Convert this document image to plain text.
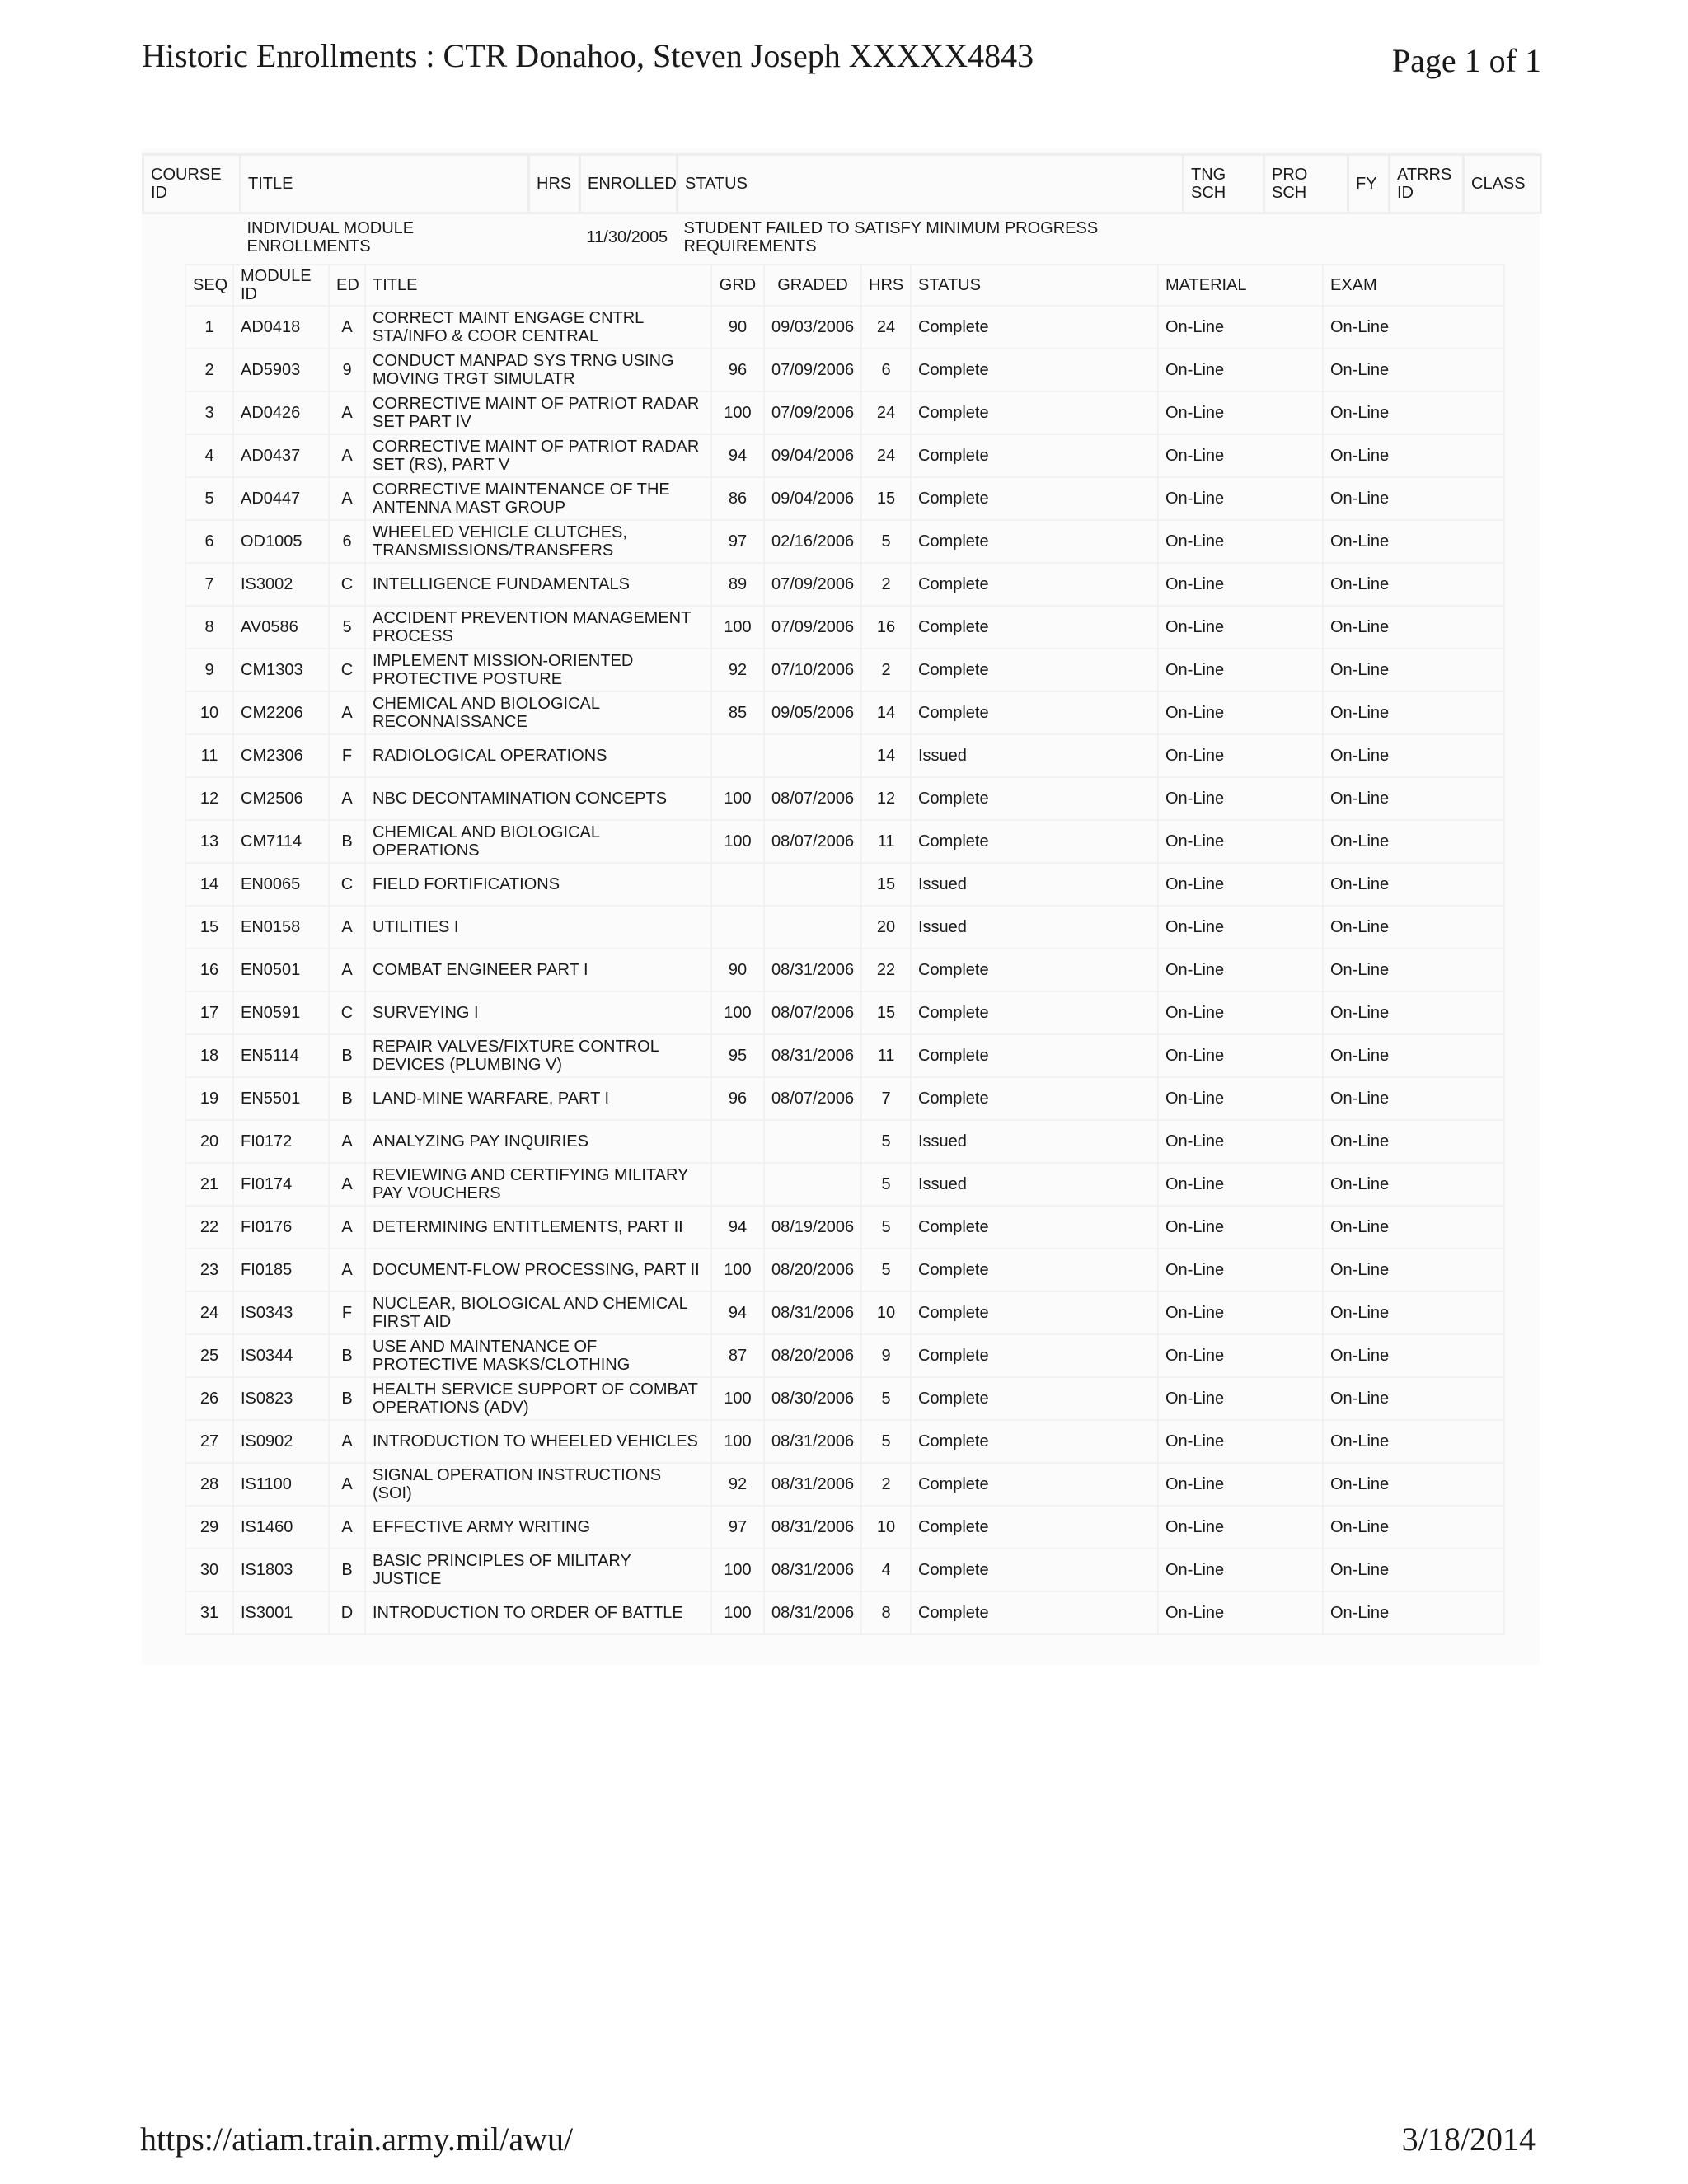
Historic Enrollments : CTR Donahoo, Steven Joseph XXXXX4843	Page 1 of 1
COURSE ID	TITLE	HRS	ENROLLED	STATUS	TNG SCH	PRO SCH	FY	ATRRS ID	CLASS
	INDIVIDUAL MODULE ENROLLMENTS		11/30/2005	STUDENT FAILED TO SATISFY MINIMUM PROGRESS REQUIREMENTS					
SEQ	MODULE ID	ED	TITLE	GRD	GRADED	HRS	STATUS	MATERIAL	EXAM
1	AD0418	A	CORRECT MAINT ENGAGE CNTRL STA/INFO & COOR CENTRAL	90	09/03/2006	24	Complete	On-Line	On-Line
2	AD5903	9	CONDUCT MANPAD SYS TRNG USING MOVING TRGT SIMULATR	96	07/09/2006	6	Complete	On-Line	On-Line
3	AD0426	A	CORRECTIVE MAINT OF PATRIOT RADAR SET PART IV	100	07/09/2006	24	Complete	On-Line	On-Line
4	AD0437	A	CORRECTIVE MAINT OF PATRIOT RADAR SET (RS), PART V	94	09/04/2006	24	Complete	On-Line	On-Line
5	AD0447	A	CORRECTIVE MAINTENANCE OF THE ANTENNA MAST GROUP	86	09/04/2006	15	Complete	On-Line	On-Line
6	OD1005	6	WHEELED VEHICLE CLUTCHES, TRANSMISSIONS/TRANSFERS	97	02/16/2006	5	Complete	On-Line	On-Line
7	IS3002	C	INTELLIGENCE FUNDAMENTALS	89	07/09/2006	2	Complete	On-Line	On-Line
8	AV0586	5	ACCIDENT PREVENTION MANAGEMENT PROCESS	100	07/09/2006	16	Complete	On-Line	On-Line
9	CM1303	C	IMPLEMENT MISSION-ORIENTED PROTECTIVE POSTURE	92	07/10/2006	2	Complete	On-Line	On-Line
10	CM2206	A	CHEMICAL AND BIOLOGICAL RECONNAISSANCE	85	09/05/2006	14	Complete	On-Line	On-Line
11	CM2306	F	RADIOLOGICAL OPERATIONS			14	Issued	On-Line	On-Line
12	CM2506	A	NBC DECONTAMINATION CONCEPTS	100	08/07/2006	12	Complete	On-Line	On-Line
13	CM7114	B	CHEMICAL AND BIOLOGICAL OPERATIONS	100	08/07/2006	11	Complete	On-Line	On-Line
14	EN0065	C	FIELD FORTIFICATIONS			15	Issued	On-Line	On-Line
15	EN0158	A	UTILITIES I			20	Issued	On-Line	On-Line
16	EN0501	A	COMBAT ENGINEER PART I	90	08/31/2006	22	Complete	On-Line	On-Line
17	EN0591	C	SURVEYING I	100	08/07/2006	15	Complete	On-Line	On-Line
18	EN5114	B	REPAIR VALVES/FIXTURE CONTROL DEVICES (PLUMBING V)	95	08/31/2006	11	Complete	On-Line	On-Line
19	EN5501	B	LAND-MINE WARFARE, PART I	96	08/07/2006	7	Complete	On-Line	On-Line
20	FI0172	A	ANALYZING PAY INQUIRIES			5	Issued	On-Line	On-Line
21	FI0174	A	REVIEWING AND CERTIFYING MILITARY PAY VOUCHERS			5	Issued	On-Line	On-Line
22	FI0176	A	DETERMINING ENTITLEMENTS, PART II	94	08/19/2006	5	Complete	On-Line	On-Line
23	FI0185	A	DOCUMENT-FLOW PROCESSING, PART II	100	08/20/2006	5	Complete	On-Line	On-Line
24	IS0343	F	NUCLEAR, BIOLOGICAL AND CHEMICAL FIRST AID	94	08/31/2006	10	Complete	On-Line	On-Line
25	IS0344	B	USE AND MAINTENANCE OF PROTECTIVE MASKS/CLOTHING	87	08/20/2006	9	Complete	On-Line	On-Line
26	IS0823	B	HEALTH SERVICE SUPPORT OF COMBAT OPERATIONS (ADV)	100	08/30/2006	5	Complete	On-Line	On-Line
27	IS0902	A	INTRODUCTION TO WHEELED VEHICLES	100	08/31/2006	5	Complete	On-Line	On-Line
28	IS1100	A	SIGNAL OPERATION INSTRUCTIONS (SOI)	92	08/31/2006	2	Complete	On-Line	On-Line
29	IS1460	A	EFFECTIVE ARMY WRITING	97	08/31/2006	10	Complete	On-Line	On-Line
30	IS1803	B	BASIC PRINCIPLES OF MILITARY JUSTICE	100	08/31/2006	4	Complete	On-Line	On-Line
31	IS3001	D	INTRODUCTION TO ORDER OF BATTLE	100	08/31/2006	8	Complete	On-Line	On-Line
https://atiam.train.army.mil/awu/	3/18/2014
